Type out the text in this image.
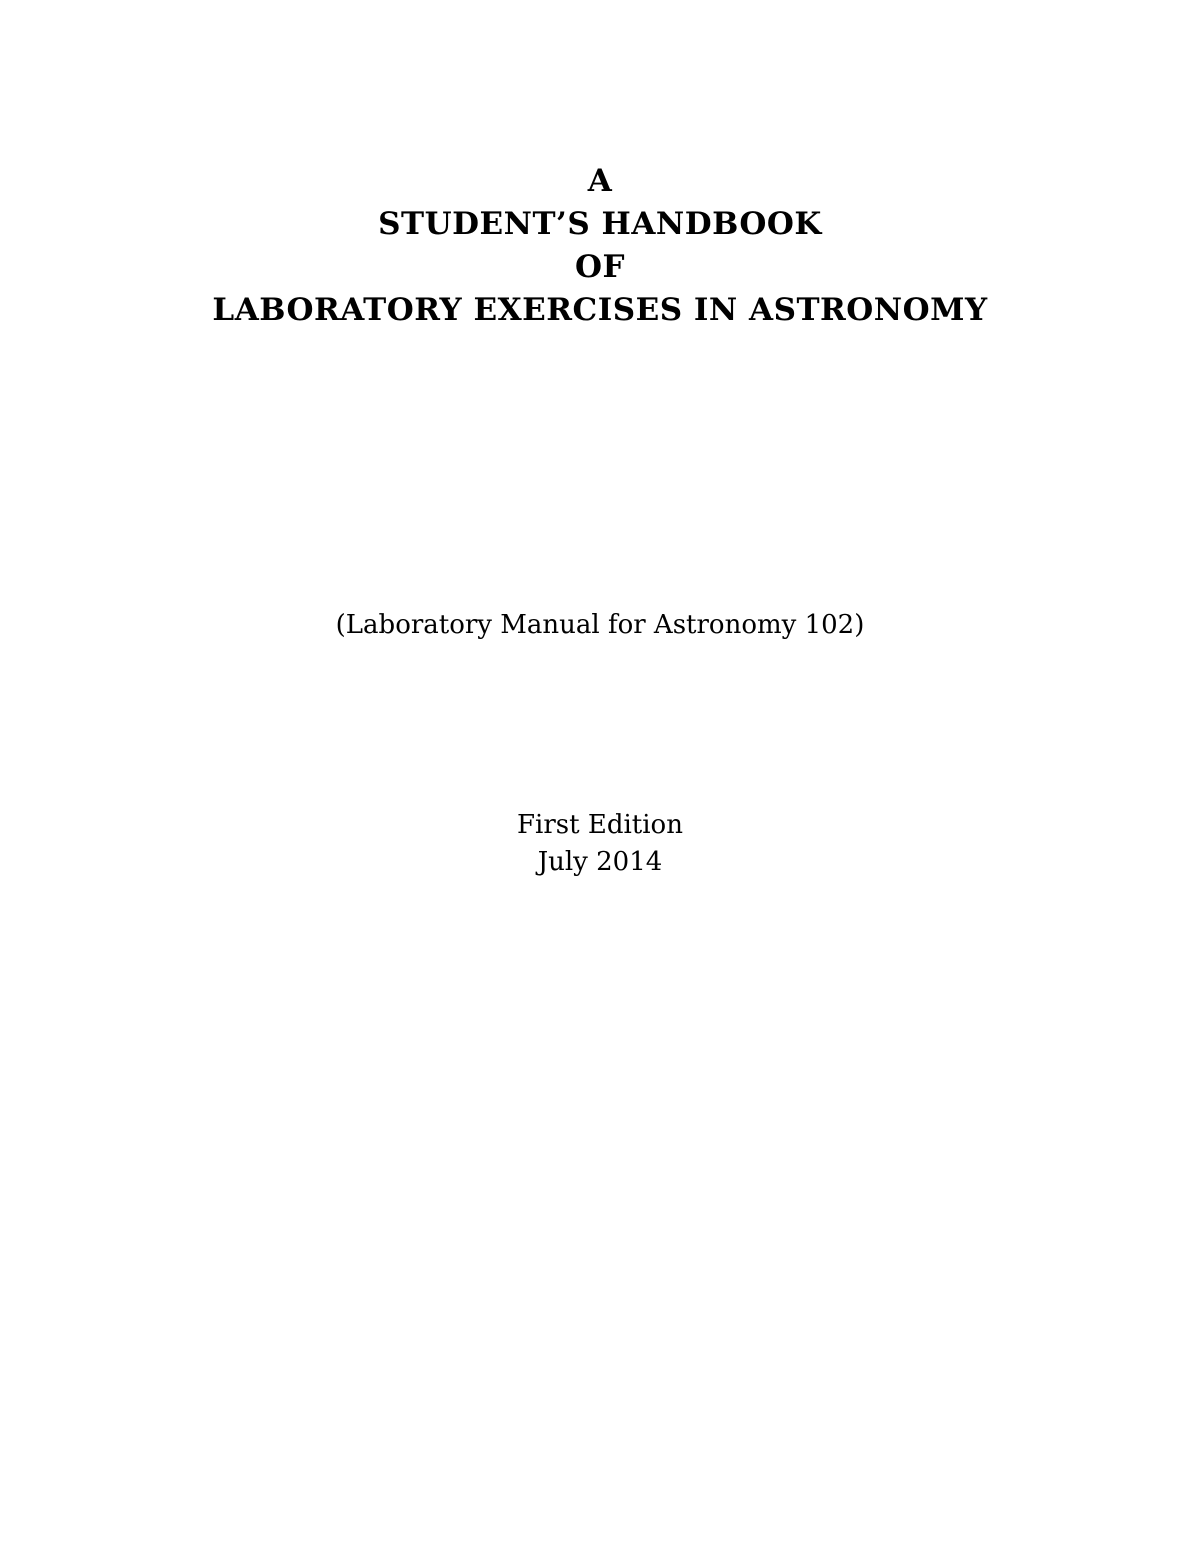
A
STUDENT’S HANDBOOK
OF
LABORATORY EXERCISES IN ASTRONOMY
(Laboratory Manual for Astronomy 102)
First Edition
July 2014
